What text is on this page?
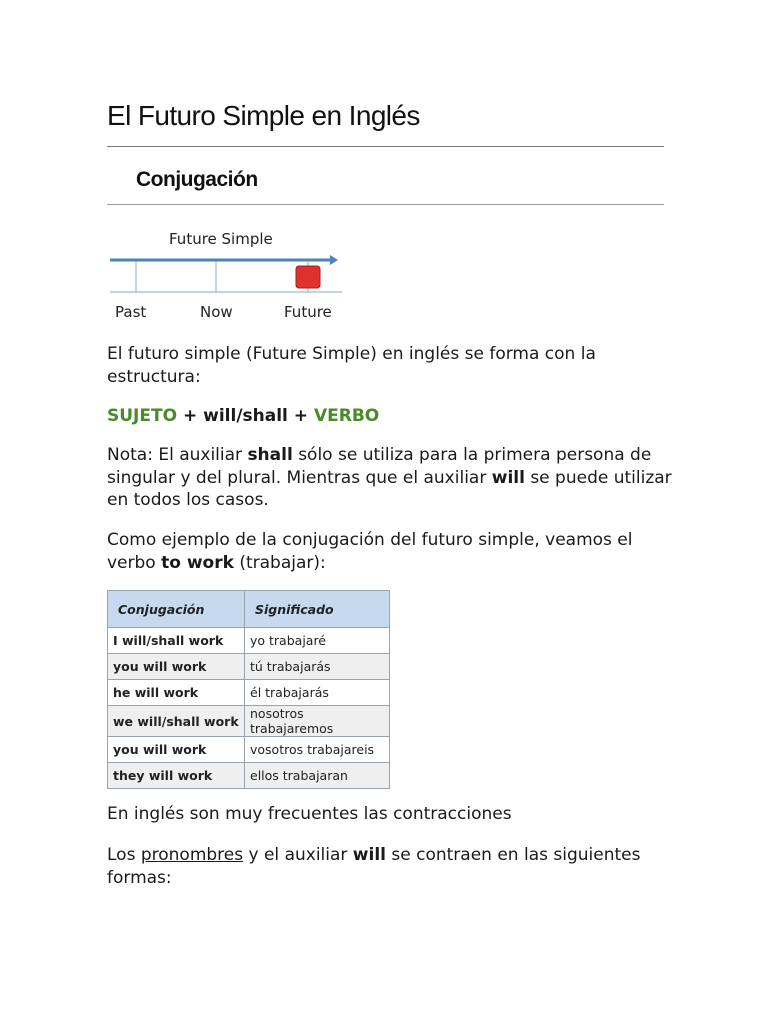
El Futuro Simple en Inglés
Conjugación
Future Simple
Past	Now	Future

El futuro simple (Future Simple) en inglés se forma con la estructura:

SUJETO + will/shall + VERBO

Nota: El auxiliar shall sólo se utiliza para la primera persona de singular y del plural. Mientras que el auxiliar will se puede utilizar en todos los casos.

Como ejemplo de la conjugación del futuro simple, veamos el verbo to work (trabajar):

Conjugación	Significado
I will/shall work	yo trabajaré
you will work	tú trabajarás
he will work	él trabajarás
we will/shall work	nosotros trabajaremos
you will work	vosotros trabajareis
they will work	ellos trabajaran

En inglés son muy frecuentes las contracciones

Los pronombres y el auxiliar will se contraen en las siguientes formas:
